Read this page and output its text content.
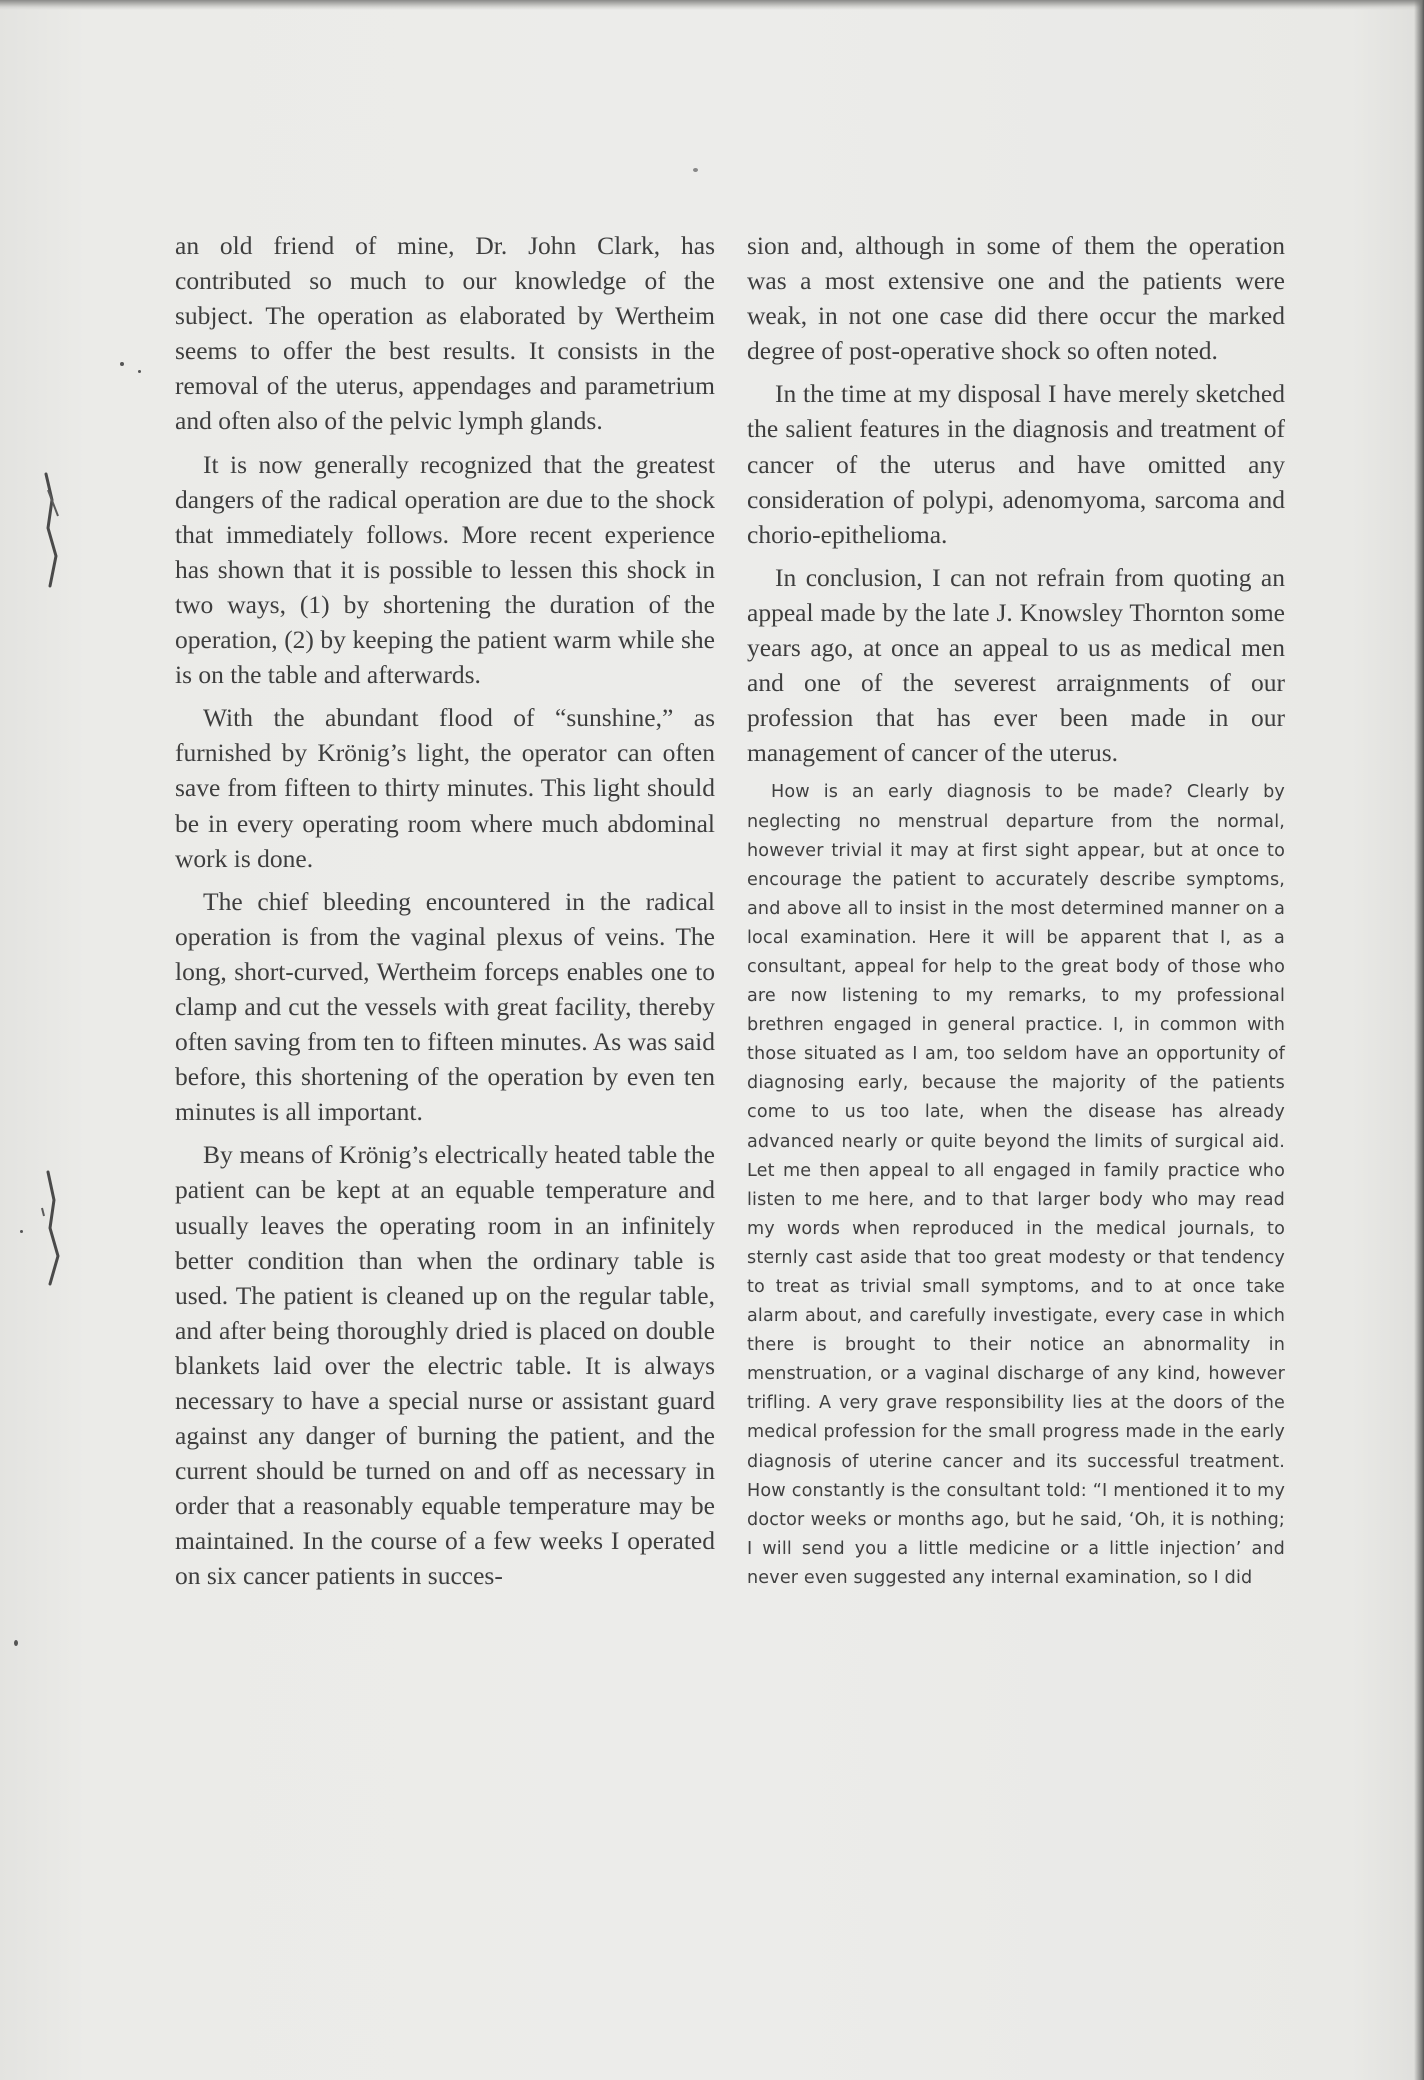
an old friend of mine, Dr. John Clark, has contributed so much to our knowledge of the subject. The operation as elaborated by Wertheim seems to offer the best results. It consists in the removal of the uterus, appendages and parametrium and often also of the pelvic lymph glands.

It is now generally recognized that the greatest dangers of the radical operation are due to the shock that immediately follows. More recent experience has shown that it is possible to lessen this shock in two ways, (1) by shortening the duration of the operation, (2) by keeping the patient warm while she is on the table and afterwards.

With the abundant flood of “sunshine,” as furnished by Krönig’s light, the operator can often save from fifteen to thirty minutes. This light should be in every operating room where much abdominal work is done.

The chief bleeding encountered in the radical operation is from the vaginal plexus of veins. The long, short-curved, Wertheim forceps enables one to clamp and cut the vessels with great facility, thereby often saving from ten to fifteen minutes. As was said before, this shortening of the operation by even ten minutes is all important.

By means of Krönig’s electrically heated table the patient can be kept at an equable temperature and usually leaves the operating room in an infinitely better condition than when the ordinary table is used. The patient is cleaned up on the regular table, and after being thoroughly dried is placed on double blankets laid over the electric table. It is always necessary to have a special nurse or assistant guard against any danger of burning the patient, and the current should be turned on and off as necessary in order that a reasonably equable temperature may be maintained. In the course of a few weeks I operated on six cancer patients in succes-

sion and, although in some of them the operation was a most extensive one and the patients were weak, in not one case did there occur the marked degree of post-operative shock so often noted.

In the time at my disposal I have merely sketched the salient features in the diagnosis and treatment of cancer of the uterus and have omitted any consideration of polypi, adenomyoma, sarcoma and chorio-epithelioma.

In conclusion, I can not refrain from quoting an appeal made by the late J. Knowsley Thornton some years ago, at once an appeal to us as medical men and one of the severest arraignments of our profession that has ever been made in our management of cancer of the uterus.

How is an early diagnosis to be made? Clearly by neglecting no menstrual departure from the normal, however trivial it may at first sight appear, but at once to encourage the patient to accurately describe symptoms, and above all to insist in the most determined manner on a local examination. Here it will be apparent that I, as a consultant, appeal for help to the great body of those who are now listening to my remarks, to my professional brethren engaged in general practice. I, in common with those situated as I am, too seldom have an opportunity of diagnosing early, because the majority of the patients come to us too late, when the disease has already advanced nearly or quite beyond the limits of surgical aid. Let me then appeal to all engaged in family practice who listen to me here, and to that larger body who may read my words when reproduced in the medical journals, to sternly cast aside that too great modesty or that tendency to treat as trivial small symptoms, and to at once take alarm about, and carefully investigate, every case in which there is brought to their notice an abnormality in menstruation, or a vaginal discharge of any kind, however trifling. A very grave responsibility lies at the doors of the medical profession for the small progress made in the early diagnosis of uterine cancer and its successful treatment. How constantly is the consultant told: “I mentioned it to my doctor weeks or months ago, but he said, ‘Oh, it is nothing; I will send you a little medicine or a little injection’ and never even suggested any internal examination, so I did
